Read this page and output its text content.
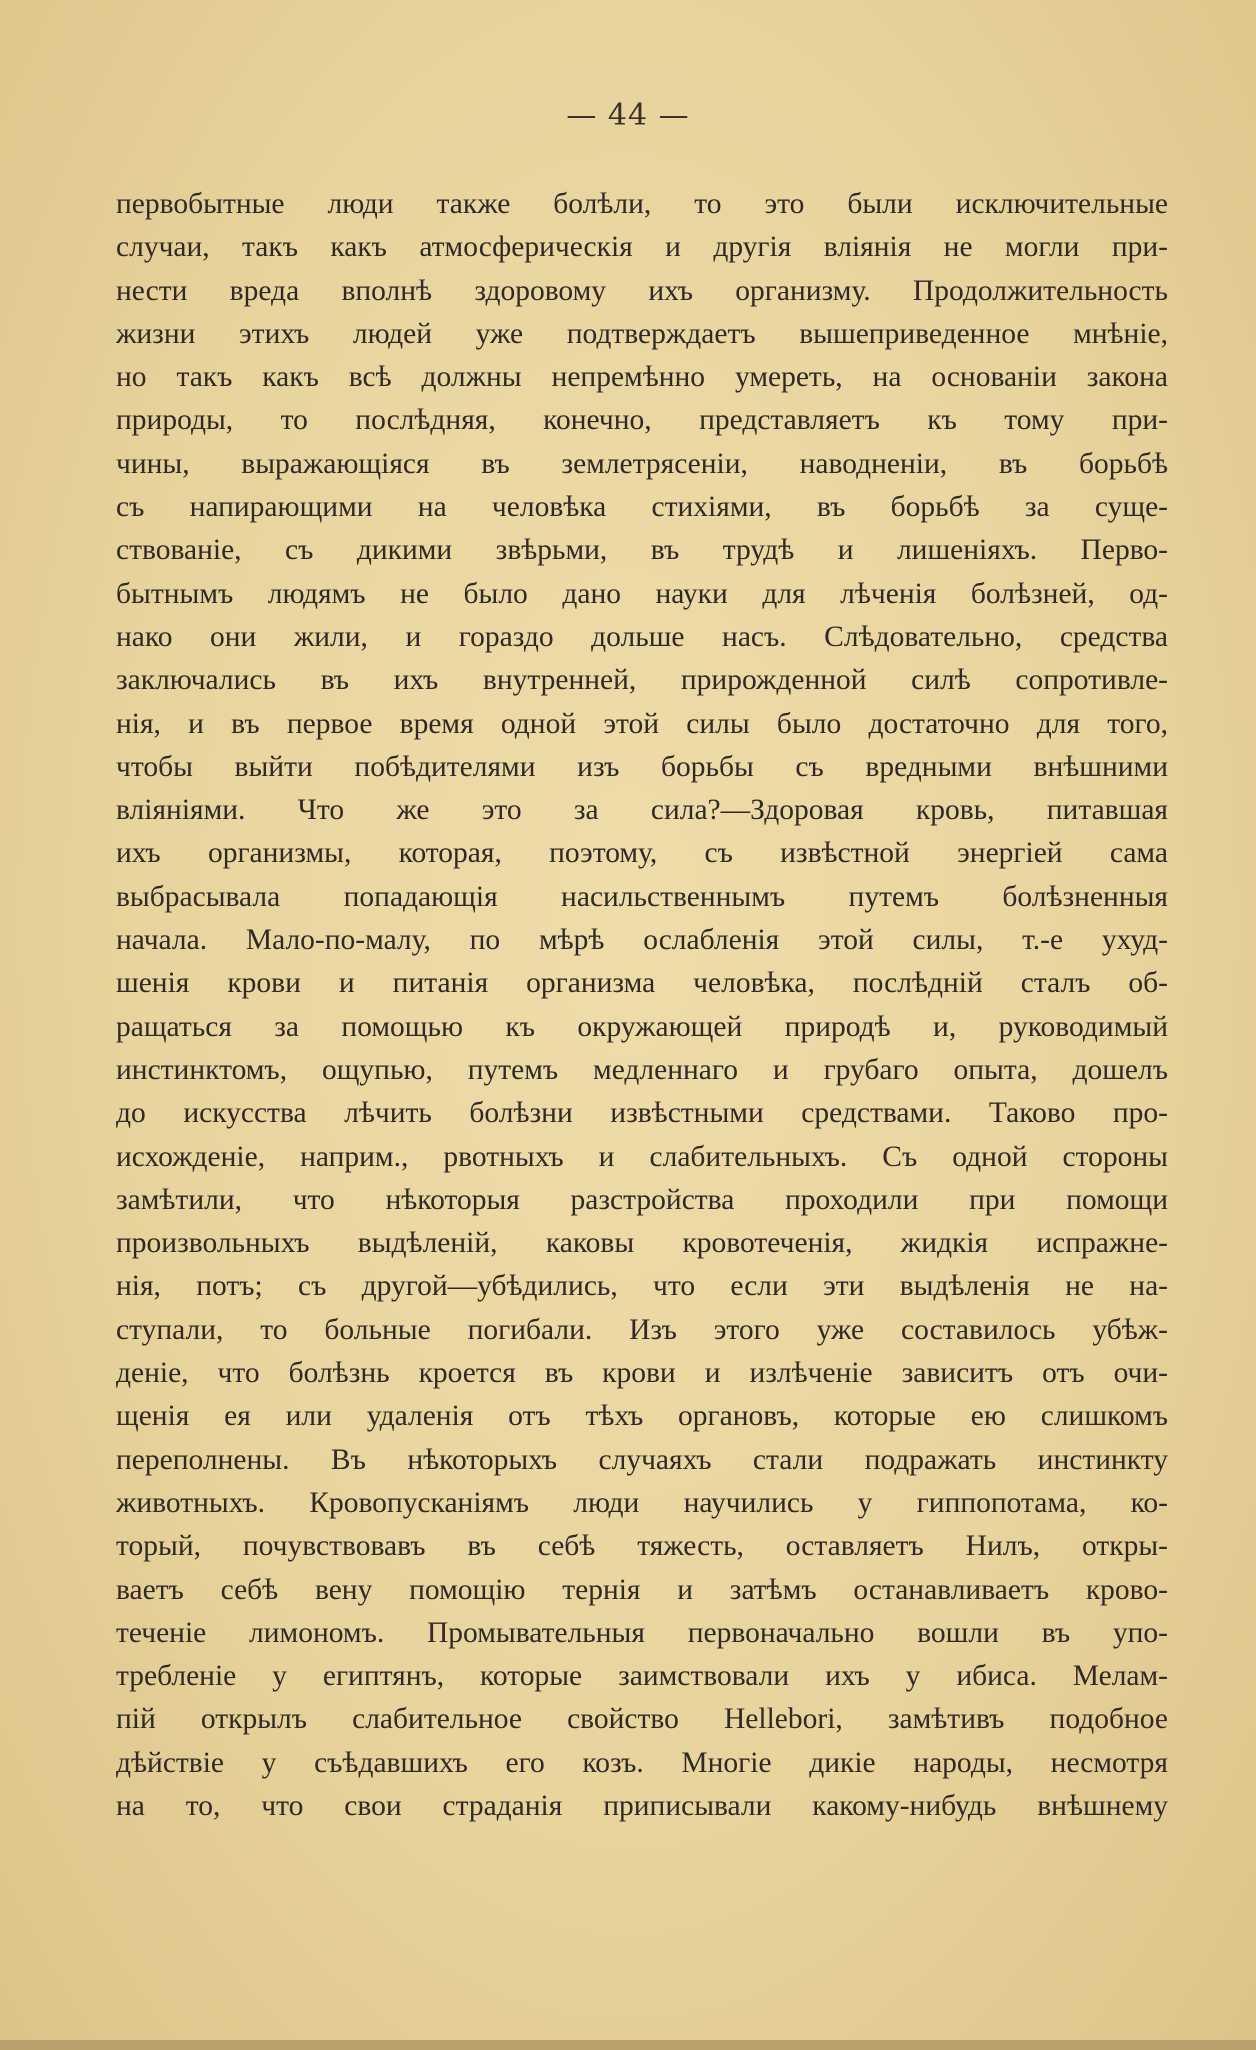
— 44 —

первобытные люди также болѣли, то это были исключительные
случаи, такъ какъ атмосферическія и другія вліянія не могли при-
нести вреда вполнѣ здоровому ихъ организму. Продолжительность
жизни этихъ людей уже подтверждаетъ вышеприведенное мнѣніе,
но такъ какъ всѣ должны непремѣнно умереть, на основаніи закона
природы, то послѣдняя, конечно, представляетъ къ тому при-
чины, выражающіяся въ землетрясеніи, наводненіи, въ борьбѣ
съ напирающими на человѣка стихіями, въ борьбѣ за суще-
ствованіе, съ дикими звѣрьми, въ трудѣ и лишеніяхъ. Перво-
бытнымъ людямъ не было дано науки для лѣченія болѣзней, од-
нако они жили, и гораздо дольше насъ. Слѣдовательно, средства
заключались въ ихъ внутренней, прирожденной силѣ сопротивле-
нія, и въ первое время одной этой силы было достаточно для того,
чтобы выйти побѣдителями изъ борьбы съ вредными внѣшними
вліяніями. Что же это за сила?—Здоровая кровь, питавшая
ихъ организмы, которая, поэтому, съ извѣстной энергіей сама
выбрасывала попадающія насильственнымъ путемъ болѣзненныя
начала. Мало-по-малу, по мѣрѣ ослабленія этой силы, т.-е ухуд-
шенія крови и питанія организма человѣка, послѣдній сталъ об-
ращаться за помощью къ окружающей природѣ и, руководимый
инстинктомъ, ощупью, путемъ медленнаго и грубаго опыта, дошелъ
до искусства лѣчить болѣзни извѣстными средствами. Таково про-
исхожденіе, наприм., рвотныхъ и слабительныхъ. Съ одной стороны
замѣтили, что нѣкоторыя разстройства проходили при помощи
произвольныхъ выдѣленій, каковы кровотеченія, жидкія испражне-
нія, потъ; съ другой—убѣдились, что если эти выдѣленія не на-
ступали, то больные погибали. Изъ этого уже составилось убѣж-
деніе, что болѣзнь кроется въ крови и излѣченіе зависитъ отъ очи-
щенія ея или удаленія отъ тѣхъ органовъ, которые ею слишкомъ
переполнены. Въ нѣкоторыхъ случаяхъ стали подражать инстинкту
животныхъ. Кровопусканіямъ люди научились у гиппопотама, ко-
торый, почувствовавъ въ себѣ тяжесть, оставляетъ Нилъ, откры-
ваетъ себѣ вену помощію тернія и затѣмъ останавливаетъ крово-
теченіе лимономъ. Промывательныя первоначально вошли въ упо-
требленіе у египтянъ, которые заимствовали ихъ у ибиса. Мелам-
пій открылъ слабительное свойство Helleborі, замѣтивъ подобное
дѣйствіе у съѣдавшихъ его козъ. Многіе дикіе народы, несмотря
на то, что свои страданія приписывали какому-нибудь внѣшнему
